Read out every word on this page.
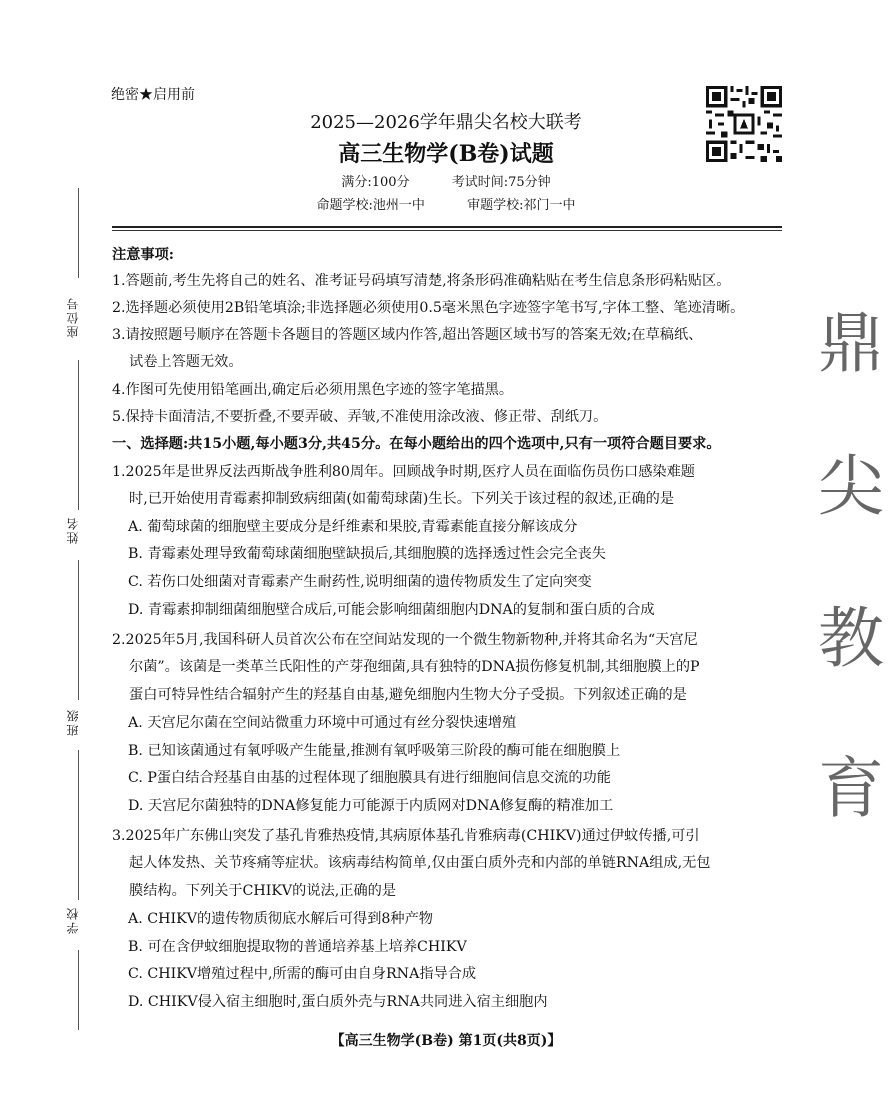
绝密★启用前
2025—2026学年鼎尖名校大联考
高三生物学(B卷)试题
满分:100分	考试时间:75分钟
命题学校:池州一中	审题学校:祁门一中
座位号
姓名
班级
学校
鼎
尖
教
育
注意事项:
1.答题前,考生先将自己的姓名、准考证号码填写清楚,将条形码准确粘贴在考生信息条形码粘贴区。
2.选择题必须使用2B铅笔填涂;非选择题必须使用0.5毫米黑色字迹签字笔书写,字体工整、笔迹清晰。
3.请按照题号顺序在答题卡各题目的答题区域内作答,超出答题区域书写的答案无效;在草稿纸、
试卷上答题无效。
4.作图可先使用铅笔画出,确定后必须用黑色字迹的签字笔描黑。
5.保持卡面清洁,不要折叠,不要弄破、弄皱,不准使用涂改液、修正带、刮纸刀。
一、选择题:共15小题,每小题3分,共45分。在每小题给出的四个选项中,只有一项符合题目要求。
1.2025年是世界反法西斯战争胜利80周年。回顾战争时期,医疗人员在面临伤员伤口感染难题
时,已开始使用青霉素抑制致病细菌(如葡萄球菌)生长。下列关于该过程的叙述,正确的是
A. 葡萄球菌的细胞壁主要成分是纤维素和果胶,青霉素能直接分解该成分
B. 青霉素处理导致葡萄球菌细胞壁缺损后,其细胞膜的选择透过性会完全丧失
C. 若伤口处细菌对青霉素产生耐药性,说明细菌的遗传物质发生了定向突变
D. 青霉素抑制细菌细胞壁合成后,可能会影响细菌细胞内DNA的复制和蛋白质的合成
2.2025年5月,我国科研人员首次公布在空间站发现的一个微生物新物种,并将其命名为“天宫尼
尔菌”。该菌是一类革兰氏阳性的产芽孢细菌,具有独特的DNA损伤修复机制,其细胞膜上的P
蛋白可特异性结合辐射产生的羟基自由基,避免细胞内生物大分子受损。下列叙述正确的是
A. 天宫尼尔菌在空间站微重力环境中可通过有丝分裂快速增殖
B. 已知该菌通过有氧呼吸产生能量,推测有氧呼吸第三阶段的酶可能在细胞膜上
C. P蛋白结合羟基自由基的过程体现了细胞膜具有进行细胞间信息交流的功能
D. 天宫尼尔菌独特的DNA修复能力可能源于内质网对DNA修复酶的精准加工
3.2025年广东佛山突发了基孔肯雅热疫情,其病原体基孔肯雅病毒(CHIKV)通过伊蚊传播,可引
起人体发热、关节疼痛等症状。该病毒结构简单,仅由蛋白质外壳和内部的单链RNA组成,无包
膜结构。下列关于CHIKV的说法,正确的是
A. CHIKV的遗传物质彻底水解后可得到8种产物
B. 可在含伊蚊细胞提取物的普通培养基上培养CHIKV
C. CHIKV增殖过程中,所需的酶可由自身RNA指导合成
D. CHIKV侵入宿主细胞时,蛋白质外壳与RNA共同进入宿主细胞内
【高三生物学(B卷) 第1页(共8页)】
